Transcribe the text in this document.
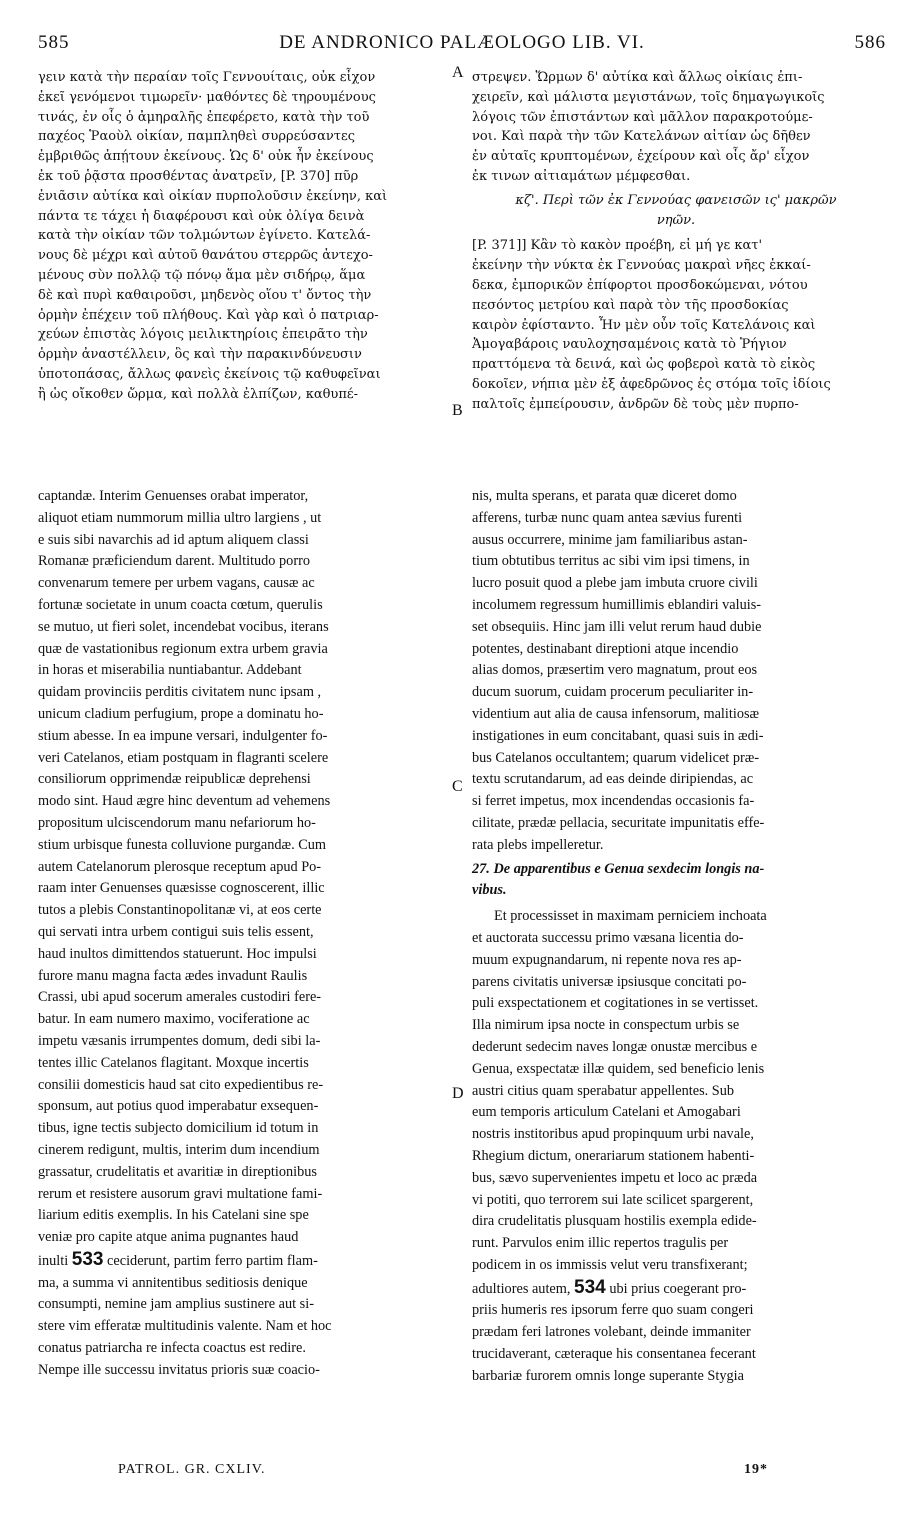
585	DE ANDRONICO PALÆOLOGO LIB. VI.	586

γειν κατὰ τὴν περαίαν τοῖς Γεννουίταις, οὐκ εἶχον
ἐκεῖ γενόμενοι τιμωρεῖν· μαθόντες δὲ τηρουμένους
τινάς, ἐν οἷς ὁ ἀμηραλῆς ἐπεφέρετο, κατὰ τὴν τοῦ
παχέος Ῥαοὺλ οἰκίαν, παμπληθεὶ συρρεύσαντες
ἐμβριθῶς ἀπῄτουν ἐκείνους. Ὡς δ' οὐκ ἦν ἐκείνους
ἐκ τοῦ ῥᾷστα προσθέντας ἀνατρεῖν, [P. 370] πῦρ
ἐνιᾶσιν αὐτίκα καὶ οἰκίαν πυρπολοῦσιν ἐκείνην, καὶ
πάντα τε τάχει ἡ διαφέρουσι καὶ οὐκ ὀλίγα δεινὰ
κατὰ τὴν οἰκίαν τῶν τολμώντων ἐγίνετο. Κατελά-
νους δὲ μέχρι καὶ αὐτοῦ θανάτου στερρῶς ἀντεχο-
μένους σὺν πολλῷ τῷ πόνῳ ἅμα μὲν σιδήρῳ, ἅμα
δὲ καὶ πυρὶ καθαιροῦσι, μηδενὸς οἵου τ' ὄντος τὴν
ὁρμὴν ἐπέχειν τοῦ πλήθους. Καὶ γὰρ καὶ ὁ πατριαρ-
χεύων ἐπιστὰς λόγοις μειλικτηρίοις ἐπειρᾶτο τὴν
ὁρμὴν ἀναστέλλειν, ὃς καὶ τὴν παρακινδύνευσιν
ὑποτοπάσας, ἄλλως φανεὶς ἐκείνοις τῷ καθυφεῖναι
ἢ ὡς οἴκοθεν ὥρμα, καὶ πολλὰ ἐλπίζων, καθυπέ-

στρεψεν. Ὥρμων δ' αὐτίκα καὶ ἄλλως οἰκίαις ἐπι-
χειρεῖν, καὶ μάλιστα μεγιστάνων, τοῖς δημαγωγικοῖς
λόγοις τῶν ἐπιστάντων καὶ μᾶλλον παρακροτούμε-
νοι. Καὶ παρὰ τὴν τῶν Κατελάνων αἰτίαν ὡς δῆθεν
ἐν αὐταῖς κρυπτομένων, ἐχείρουν καὶ οἷς ἄρ' εἶχον
ἐκ τινων αἰτιαμάτων μέμφεσθαι.

κζ'. Περὶ τῶν ἐκ Γεννούας φανεισῶν ις' μακρῶν
νηῶν.

[P. 371]] Κἂν τὸ κακὸν προέβη, εἰ μή γε κατ'
ἐκείνην τὴν νύκτα ἐκ Γεννούας μακραὶ νῆες ἑκκαί-
δεκα, ἐμπορικῶν ἐπίφορτοι προσδοκώμεναι, νότου
πεσόντος μετρίου καὶ παρὰ τὸν τῆς προσδοκίας
καιρὸν ἐφίσταντο. Ἦν μὲν οὖν τοῖς Κατελάνοις καὶ
Ἀμογαβάροις ναυλοχησαμένοις κατὰ τὸ Ῥήγιον
πραττόμενα τὰ δεινά, καὶ ὡς φοβεροὶ κατὰ τὸ εἰκὸς
δοκοῖεν, νήπια μὲν ἐξ ἀφεδρῶνος ἐς στόμα τοῖς ἰδίοις
παλτοῖς ἐμπείρουσιν, ἀνδρῶν δὲ τοὺς μὲν πυρπο-

A
B
C
D

captandæ. Interim Genuenses orabat imperator,
aliquot etiam nummorum millia ultro largiens , ut
e suis sibi navarchis ad id aptum aliquem classi
Romanæ præficiendum darent. Multitudo porro
convenarum temere per urbem vagans, causæ ac
fortunæ societate in unum coacta cœtum, querulis
se mutuo, ut fieri solet, incendebat vocibus, iterans
quæ de vastationibus regionum extra urbem gravia
in horas et miserabilia nuntiabantur. Addebant
quidam provinciis perditis civitatem nunc ipsam ,
unicum cladium perfugium, prope a dominatu ho-
stium abesse. In ea impune versari, indulgenter fo-
veri Catelanos, etiam postquam in flagranti scelere
consiliorum opprimendæ reipublicæ deprehensi
modo sint. Haud ægre hinc deventum ad vehemens
propositum ulciscendorum manu nefariorum ho-
stium urbisque funesta colluvione purgandæ. Cum
autem Catelanorum plerosque receptum apud Po-
raam inter Genuenses quæsisse cognoscerent, illic
tutos a plebis Constantinopolitanæ vi, at eos certe
qui servati intra urbem contigui suis telis essent,
haud inultos dimittendos statuerunt. Hoc impulsi
furore manu magna facta ædes invadunt Raulis
Crassi, ubi apud socerum amerales custodiri fere-
batur. In eam numero maximo, vociferatione ac
impetu væsanis irrumpentes domum, dedi sibi la-
tentes illic Catelanos flagitant. Moxque incertis
consilii domesticis haud sat cito expedientibus re-
sponsum, aut potius quod imperabatur exsequen-
tibus, igne tectis subjecto domicilium id totum in
cinerem redigunt, multis, interim dum incendium
grassatur, crudelitatis et avaritiæ in direptionibus
rerum et resistere ausorum gravi multatione fami-
liarium editis exemplis. In his Catelani sine spe
veniæ pro capite atque anima pugnantes haud
inulti 533 ceciderunt, partim ferro partim flam-
ma, a summa vi annitentibus seditiosis denique
consumpti, nemine jam amplius sustinere aut si-
stere vim efferatæ multitudinis valente. Nam et hoc
conatus patriarcha re infecta coactus est redire.
Nempe ille successu invitatus prioris suæ coacio-

PATROL. GR. CXLIV.

nis, multa sperans, et parata quæ diceret domo
afferens, turbæ nunc quam antea sævius furenti
ausus occurrere, minime jam familiaribus astan-
tium obtutibus territus ac sibi vim ipsi timens, in
lucro posuit quod a plebe jam imbuta cruore civili
incolumem regressum humillimis eblandiri valuis-
set obsequiis. Hinc jam illi velut rerum haud dubie
potentes, destinabant direptioni atque incendio
alias domos, præsertim vero magnatum, prout eos
ducum suorum, cuidam procerum peculiariter in-
videntium aut alia de causa infensorum, malitiosæ
instigationes in eum concitabant, quasi suis in ædi-
bus Catelanos occultantem; quarum videlicet præ-
textu scrutandarum, ad eas deinde diripiendas, ac
si ferret impetus, mox incendendas occasionis fa-
cilitate, prædæ pellacia, securitate impunitatis effe-
rata plebs impelleretur.

27. De apparentibus e Genua sexdecim longis na-
vibus.

Et processisset in maximam perniciem inchoata
et auctorata successu primo væsana licentia do-
muum expugnandarum, ni repente nova res ap-
parens civitatis universæ ipsiusque concitati po-
puli exspectationem et cogitationes in se vertisset.
Illa nimirum ipsa nocte in conspectum urbis se
dederunt sedecim naves longæ onustæ mercibus e
Genua, exspectatæ illæ quidem, sed beneficio lenis
austri citius quam sperabatur appellentes. Sub
eum temporis articulum Catelani et Amogabari
nostris institoribus apud propinquum urbi navale,
Rhegium dictum, onerariarum stationem habenti-
bus, sævo supervenientes impetu et loco ac præda
vi potiti, quo terrorem sui late scilicet spargerent,
dira crudelitatis plusquam hostilis exempla edide-
runt. Parvulos enim illic repertos tragulis per
podicem in os immissis velut veru transfixerant;
adultiores autem, 534 ubi prius coegerant pro-
priis humeris res ipsorum ferre quo suam congeri
prædam feri latrones volebant, deinde immaniter
trucidaverant, cæteraque his consentanea fecerant
barbariæ furorem omnis longe superante Stygia

19*
